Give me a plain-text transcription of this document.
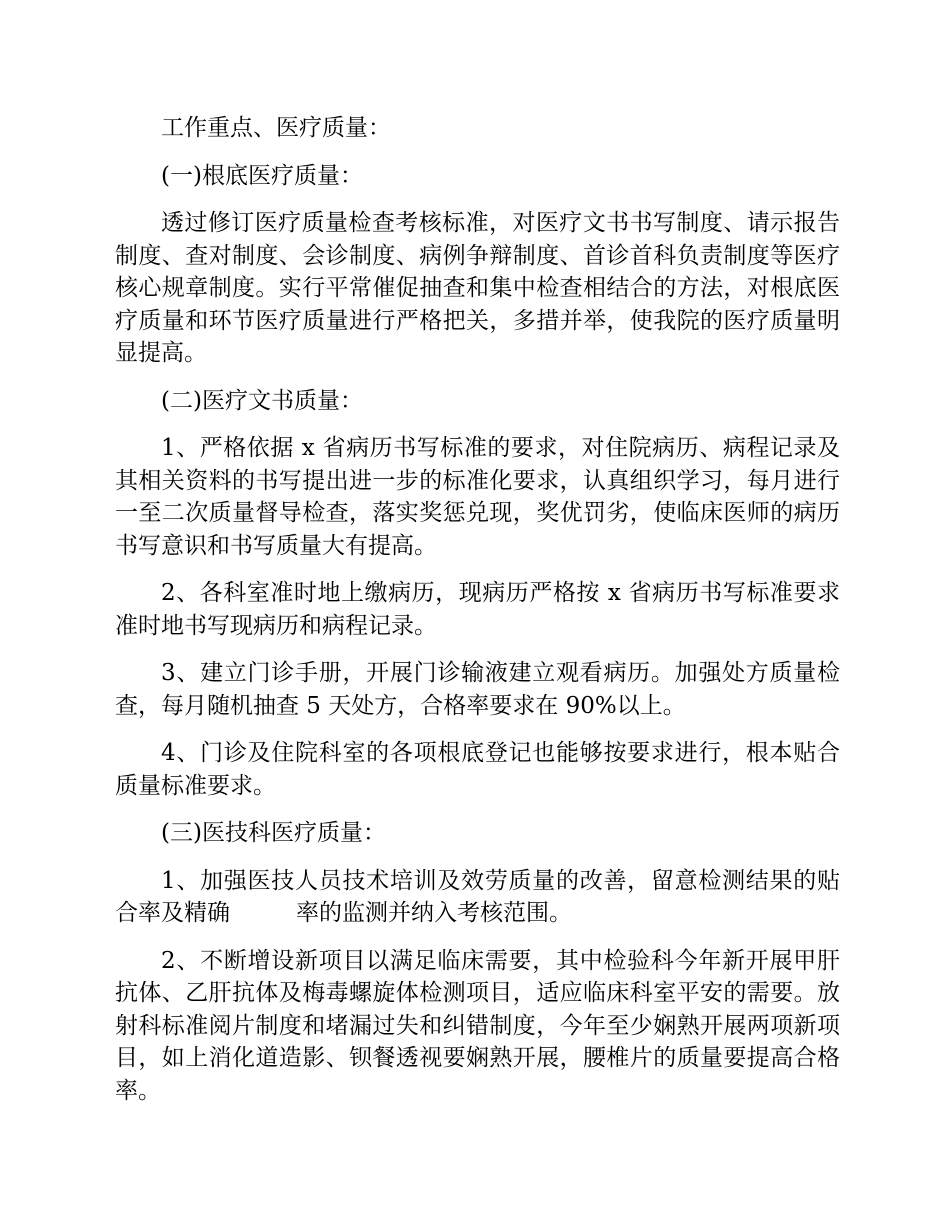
工作重点、医疗质量：

(一)根底医疗质量：

透过修订医疗质量检查考核标准，对医疗文书书写制度、请示报告制度、查对制度、会诊制度、病例争辩制度、首诊首科负责制度等医疗核心规章制度。实行平常催促抽查和集中检查相结合的方法，对根底医疗质量和环节医疗质量进行严格把关，多措并举，使我院的医疗质量明显提高。

(二)医疗文书质量：

1、严格依据 x 省病历书写标准的要求，对住院病历、病程记录及其相关资料的书写提出进一步的标准化要求，认真组织学习，每月进行一至二次质量督导检查，落实奖惩兑现，奖优罚劣，使临床医师的病历书写意识和书写质量大有提高。

2、各科室准时地上缴病历，现病历严格按 x 省病历书写标准要求准时地书写现病历和病程记录。

3、建立门诊手册，开展门诊输液建立观看病历。加强处方质量检查，每月随机抽查 5 天处方，合格率要求在 90%以上。

4、门诊及住院科室的各项根底登记也能够按要求进行，根本贴合质量标准要求。

(三)医技科医疗质量：

1、加强医技人员技术培训及效劳质量的改善，留意检测结果的贴合率及精确	率的监测并纳入考核范围。

2、不断增设新项目以满足临床需要，其中检验科今年新开展甲肝抗体、乙肝抗体及梅毒螺旋体检测项目，适应临床科室平安的需要。放射科标准阅片制度和堵漏过失和纠错制度，今年至少娴熟开展两项新项目，如上消化道造影、钡餐透视要娴熟开展，腰椎片的质量要提高合格率。
